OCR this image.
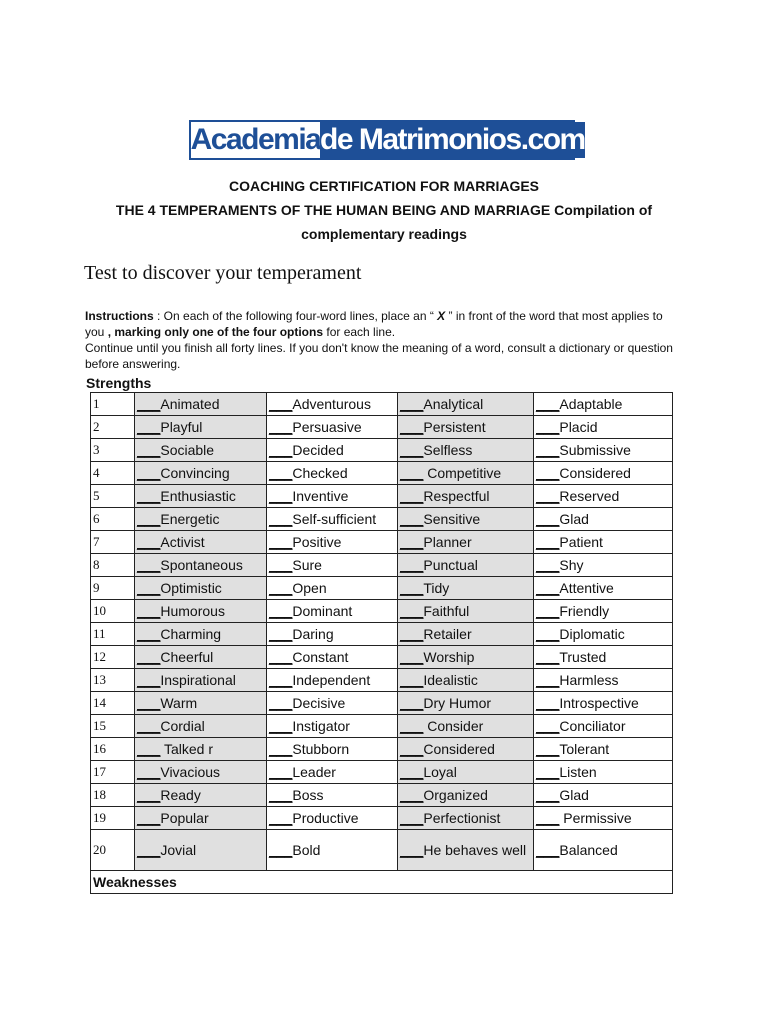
Academia de Matrimonios.com
COACHING CERTIFICATION FOR MARRIAGES
THE 4 TEMPERAMENTS OF THE HUMAN BEING AND MARRIAGE Compilation of
complementary readings
Test to discover your temperament
Instructions : On each of the following four-word lines, place an “ X ” in front of the word that most applies to you , marking only one of the four options for each line.
Continue until you finish all forty lines. If you don't know the meaning of a word, consult a dictionary or question before answering.
Strengths
1	___Animated	___Adventurous	___Analytical	___Adaptable
2	___Playful	___Persuasive	___Persistent	___Placid
3	___Sociable	___Decided	___Selfless	___Submissive
4	___Convincing	___Checked	___ Competitive	___Considered
5	___Enthusiastic	___Inventive	___Respectful	___Reserved
6	___Energetic	___Self-sufficient	___Sensitive	___Glad
7	___Activist	___Positive	___Planner	___Patient
8	___Spontaneous	___Sure	___Punctual	___Shy
9	___Optimistic	___Open	___Tidy	___Attentive
10	___Humorous	___Dominant	___Faithful	___Friendly
11	___Charming	___Daring	___Retailer	___Diplomatic
12	___Cheerful	___Constant	___Worship	___Trusted
13	___Inspirational	___Independent	___Idealistic	___Harmless
14	___Warm	___Decisive	___Dry Humor	___Introspective
15	___Cordial	___Instigator	___ Consider	___Conciliator
16	___ Talked r	___Stubborn	___Considered	___Tolerant
17	___Vivacious	___Leader	___Loyal	___Listen
18	___Ready	___Boss	___Organized	___Glad
19	___Popular	___Productive	___Perfectionist	___ Permissive
20	___Jovial	___Bold	___He behaves well	___Balanced
Weaknesses				
